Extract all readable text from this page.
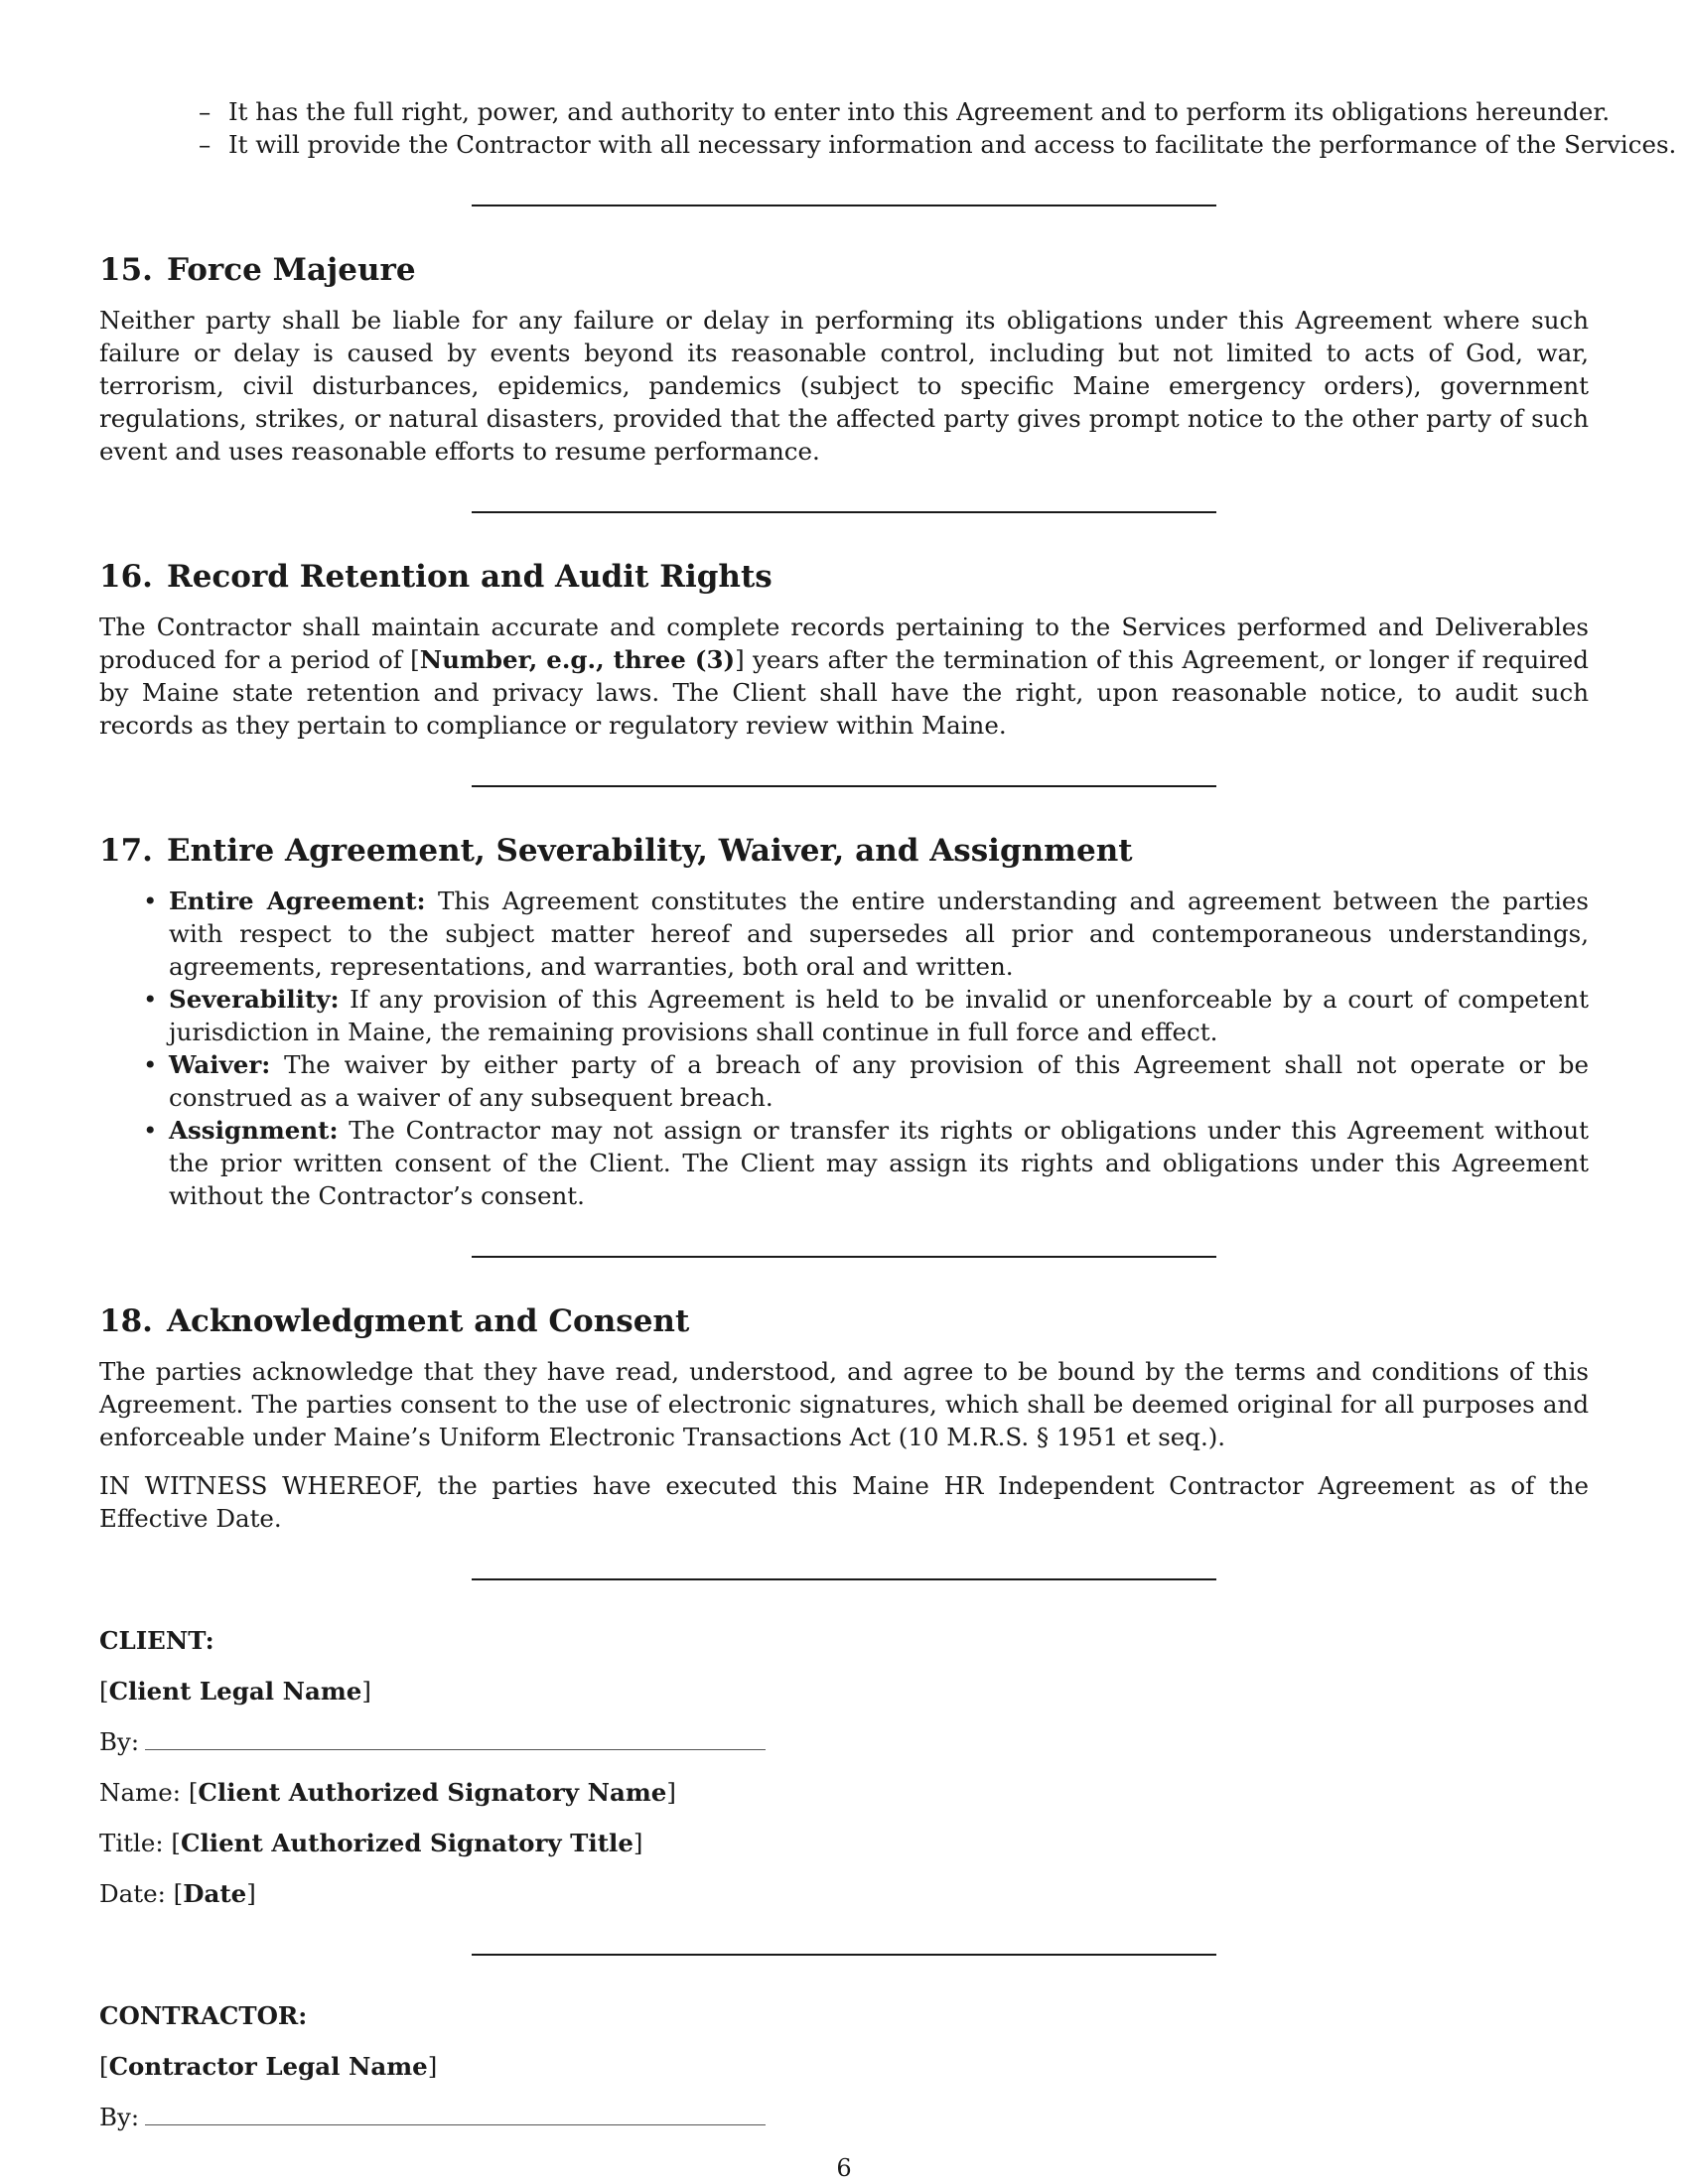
– It has the full right, power, and authority to enter into this Agreement and to perform its obligations hereunder.
– It will provide the Contractor with all necessary information and access to facilitate the performance of the Services.
15. Force Majeure

Neither party shall be liable for any failure or delay in performing its obligations under this Agreement where such failure or delay is caused by events beyond its reasonable control, including but not limited to acts of God, war, terrorism, civil disturbances, epidemics, pandemics (subject to specific Maine emergency orders), government regulations, strikes, or natural disasters, provided that the affected party gives prompt notice to the other party of such event and uses reasonable efforts to resume performance.

16. Record Retention and Audit Rights

The Contractor shall maintain accurate and complete records pertaining to the Services performed and Deliverables produced for a period of [Number, e.g., three (3)] years after the termination of this Agreement, or longer if required by Maine state retention and privacy laws. The Client shall have the right, upon reasonable notice, to audit such records as they pertain to compliance or regulatory review within Maine.

17. Entire Agreement, Severability, Waiver, and Assignment
• Entire Agreement: This Agreement constitutes the entire understanding and agreement between the parties with respect to the subject matter hereof and supersedes all prior and contemporaneous understandings, agreements, representations, and warranties, both oral and written.
• Severability: If any provision of this Agreement is held to be invalid or unenforceable by a court of competent jurisdiction in Maine, the remaining provisions shall continue in full force and effect.
• Waiver: The waiver by either party of a breach of any provision of this Agreement shall not operate or be construed as a waiver of any subsequent breach.
• Assignment: The Contractor may not assign or transfer its rights or obligations under this Agreement without the prior written consent of the Client. The Client may assign its rights and obligations under this Agreement without the Contractor’s consent.
18. Acknowledgment and Consent

The parties acknowledge that they have read, understood, and agree to be bound by the terms and conditions of this Agreement. The parties consent to the use of electronic signatures, which shall be deemed original for all purposes and enforceable under Maine’s Uniform Electronic Transactions Act (10 M.R.S. § 1951 et seq.).

IN WITNESS WHEREOF, the parties have executed this Maine HR Independent Contractor Agreement as of the Effective Date.

CLIENT:

[Client Legal Name]

By:

Name: [Client Authorized Signatory Name]

Title: [Client Authorized Signatory Title]

Date: [Date]

CONTRACTOR:

[Contractor Legal Name]

By:

6
